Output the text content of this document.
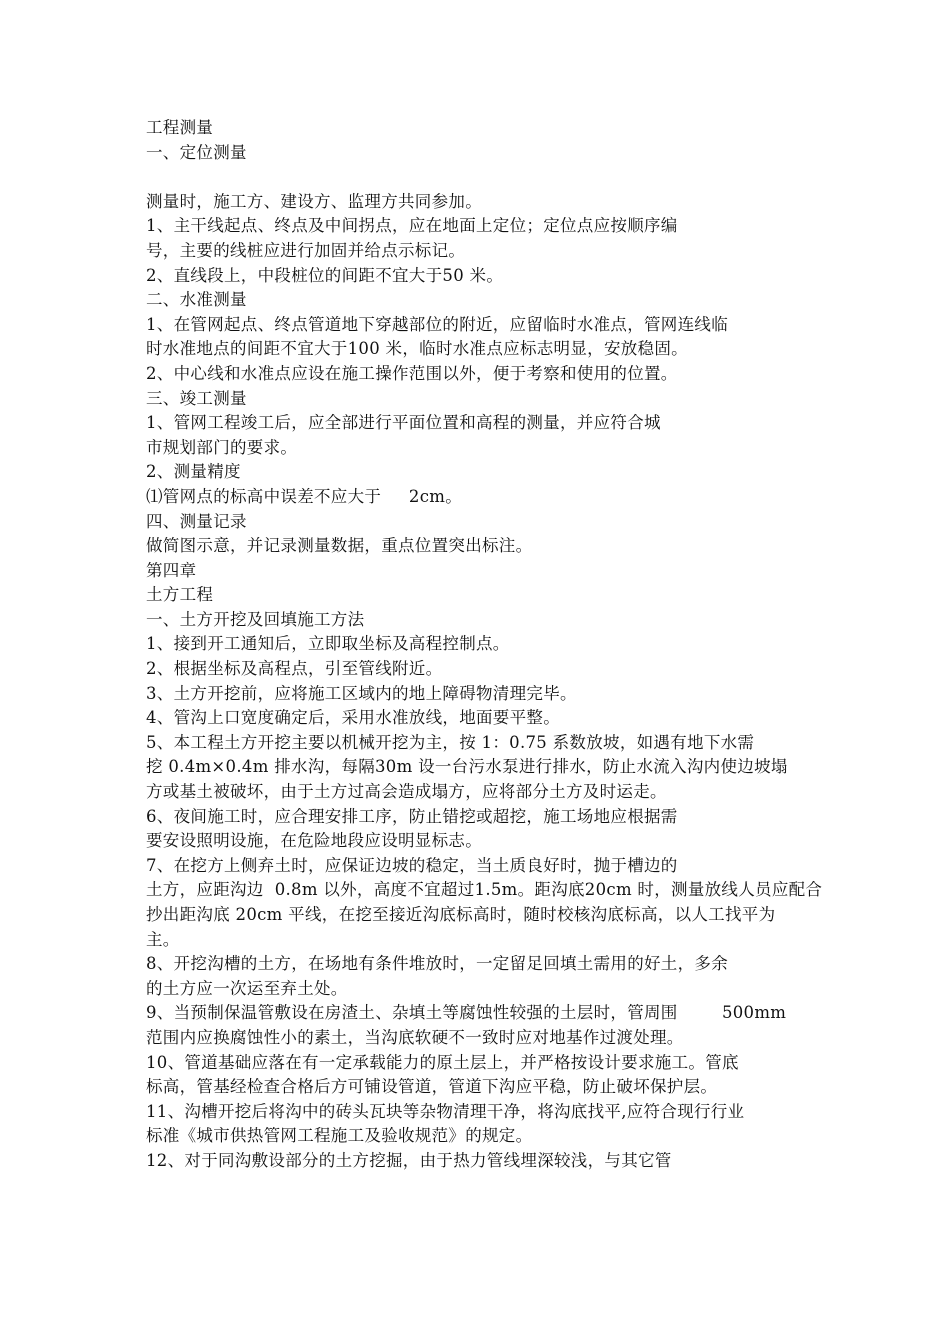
工程测量
一、定位测量
测量时，施工方、建设方、监理方共同参加。
1、主干线起点、终点及中间拐点，应在地面上定位；定位点应按顺序编
号，主要的线桩应进行加固并给点示标记。
2、直线段上，中段桩位的间距不宜大于50 米。
二、水准测量
1、在管网起点、终点管道地下穿越部位的附近，应留临时水准点，管网连线临
时水准地点的间距不宜大于100 米，临时水准点应标志明显，安放稳固。
2、中心线和水准点应设在施工操作范围以外，便于考察和使用的位置。
三、竣工测量
1、管网工程竣工后，应全部进行平面位置和高程的测量，并应符合城
市规划部门的要求。
2、测量精度
⑴管网点的标高中误差不应大于     2cm。
四、测量记录
做简图示意，并记录测量数据，重点位置突出标注。
第四章
土方工程
一、土方开挖及回填施工方法
1、接到开工通知后，立即取坐标及高程控制点。
2、根据坐标及高程点，引至管线附近。
3、土方开挖前，应将施工区域内的地上障碍物清理完毕。
4、管沟上口宽度确定后，采用水准放线，地面要平整。
5、本工程土方开挖主要以机械开挖为主，按 1：0.75 系数放坡，如遇有地下水需
挖 0.4m×0.4m 排水沟，每隔30m 设一台污水泵进行排水，防止水流入沟内使边坡塌
方或基土被破坏，由于土方过高会造成塌方，应将部分土方及时运走。
6、夜间施工时，应合理安排工序，防止错挖或超挖，施工场地应根据需
要安设照明设施，在危险地段应设明显标志。
7、在挖方上侧弃土时，应保证边坡的稳定，当土质良好时，抛于槽边的
土方，应距沟边  0.8m 以外，高度不宜超过1.5m。距沟底20cm 时，测量放线人员应配合
抄出距沟底 20cm 平线，在挖至接近沟底标高时，随时校核沟底标高，以人工找平为
主。
8、开挖沟槽的土方，在场地有条件堆放时，一定留足回填土需用的好土，多余
的土方应一次运至弃土处。
9、当预制保温管敷设在房渣土、杂填土等腐蚀性较强的土层时，管周围        500mm
范围内应换腐蚀性小的素土，当沟底软硬不一致时应对地基作过渡处理。
10、管道基础应落在有一定承载能力的原土层上，并严格按设计要求施工。管底
标高，管基经检查合格后方可铺设管道，管道下沟应平稳，防止破坏保护层。
11、沟槽开挖后将沟中的砖头瓦块等杂物清理干净，将沟底找平,应符合现行行业
标准《城市供热管网工程施工及验收规范》的规定。
12、对于同沟敷设部分的土方挖掘，由于热力管线埋深较浅，与其它管
